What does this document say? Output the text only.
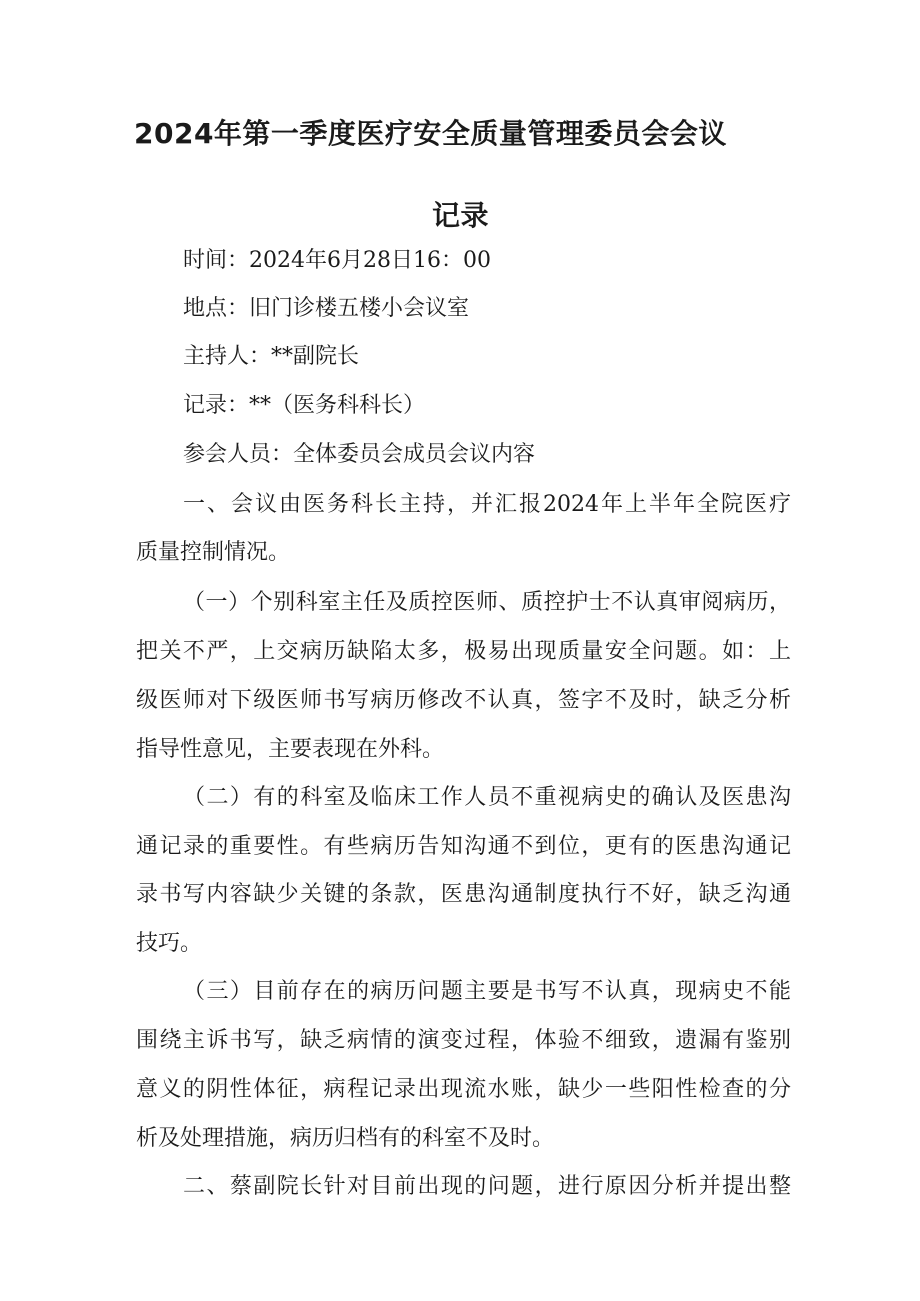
2024年第一季度医疗安全质量管理委员会会议
记录

时间：2024年6月28日16：00

地点：旧门诊楼五楼小会议室

主持人：**副院长

记录：**（医务科科长）

参会人员：全体委员会成员会议内容

一、会议由医务科长主持，并汇报2024年上半年全院医疗

质量控制情况。

（一）个别科室主任及质控医师、质控护士不认真审阅病历，

把关不严，上交病历缺陷太多，极易出现质量安全问题。如：上

级医师对下级医师书写病历修改不认真，签字不及时，缺乏分析

指导性意见，主要表现在外科。

（二）有的科室及临床工作人员不重视病史的确认及医患沟

通记录的重要性。有些病历告知沟通不到位，更有的医患沟通记

录书写内容缺少关键的条款，医患沟通制度执行不好，缺乏沟通

技巧。

（三）目前存在的病历问题主要是书写不认真，现病史不能

围绕主诉书写，缺乏病情的演变过程，体验不细致，遗漏有鉴别

意义的阴性体征，病程记录出现流水账，缺少一些阳性检查的分

析及处理措施，病历归档有的科室不及时。

二、蔡副院长针对目前出现的问题，进行原因分析并提出整
